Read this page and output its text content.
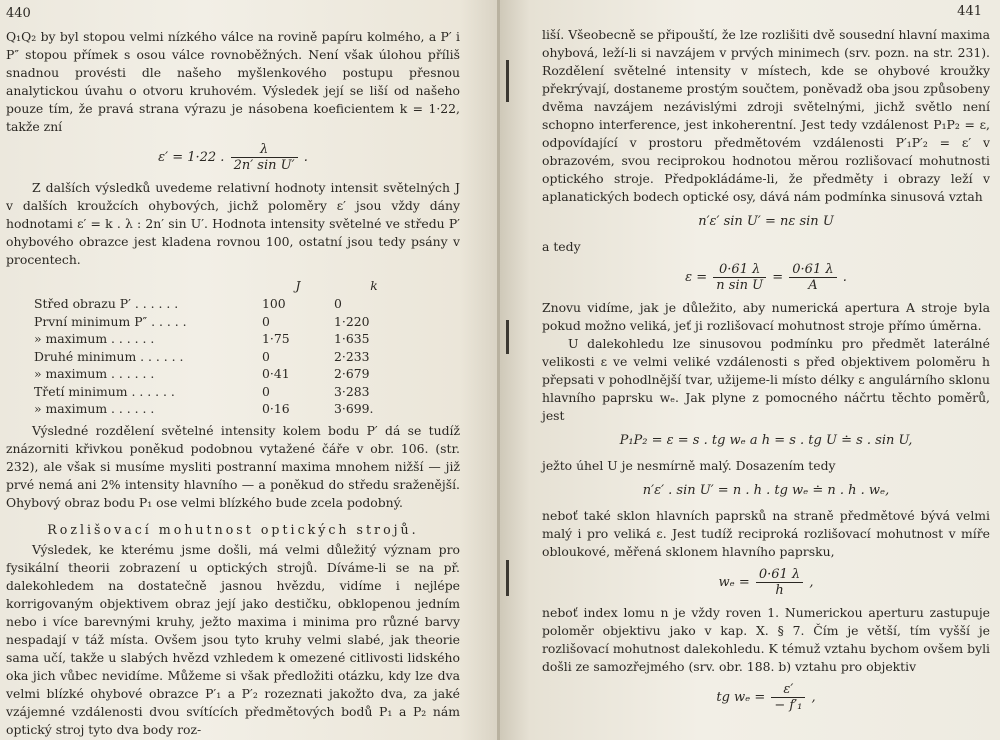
440

Q₁Q₂ by byl stopou velmi nízkého válce na rovině papíru kolmého, a P′ i P″ stopou přímek s osou válce rovnoběžných. Není však úlohou příliš snadnou provésti dle našeho myšlenkového postupu přesnou analytickou úvahu o otvoru kruhovém. Výsledek její se liší od našeho pouze tím, že pravá strana výrazu je násobena koeficientem k = 1·22, takže zní

ε′ = 1·22 . $\frac{\lambda}{\text{2n′ sin U′}}$ .

Z dalších výsledků uvedeme relativní hodnoty intensit světelných J v dalších kroužcích ohybových, jichž poloměry ε′ jsou vždy dány hodnotami ε′ = k . λ : 2n′ sin U′. Hodnota intensity světelné ve středu P′ ohybového obrazce jest kladena rovnou 100, ostatní jsou tedy psány v procentech.

	J	k
Střed obrazu P′ . . . . . .	100	0
První minimum P″ . . . . .	0	1·220
» maximum . . . . . .	1·75	1·635
Druhé minimum . . . . . .	0	2·233
» maximum . . . . . .	0·41	2·679
Třetí minimum . . . . . .	0	3·283
» maximum . . . . . .	0·16	3·699.

Výsledné rozdělení světelné intensity kolem bodu P′ dá se tudíž znázorniti křivkou poněkud podobnou vytažené čáře v obr. 106. (str. 232), ale však si musíme mysliti postranní maxima mnohem nižší — již prvé nemá ani 2% intensity hlavního — a poněkud do středu sraženější. Ohybový obraz bodu P₁ ose velmi blízkého bude zcela podobný.

Rozlišovací mohutnost optických strojů.

Výsledek, ke kterému jsme došli, má velmi důležitý význam pro fysikální theorii zobrazení u optických strojů. Díváme-li se na př. dalekohledem na dostatečně jasnou hvězdu, vidíme i nejlépe korrigovaným objektivem obraz její jako destičku, obklopenou jedním nebo i více barevnými kruhy, ježto maxima i minima pro různé barvy nespadají v táž místa. Ovšem jsou tyto kruhy velmi slabé, jak theorie sama učí, takže u slabých hvězd vzhledem k omezené citlivosti lidského oka jich vůbec nevidíme. Můžeme si však předložiti otázku, kdy lze dva velmi blízké ohybové obrazce P′₁ a P′₂ rozeznati jakožto dva, za jaké vzájemné vzdálenosti dvou svítících předmětových bodů P₁ a P₂ nám optický stroj tyto dva body roz-

441

liší. Všeobecně se připouští, že lze rozlišiti dvě sousední hlavní maxima ohybová, leží-li si navzájem v prvých minimech (srv. pozn. na str. 231). Rozdělení světelné intensity v místech, kde se ohybové kroužky překrývají, dostaneme prostým součtem, poněvadž oba jsou způsobeny dvěma navzájem nezávislými zdroji světelnými, jichž světlo není schopno interference, jest inkoherentní. Jest tedy vzdálenost P₁P₂ = ε, odpovídající v prostoru předmětovém vzdálenosti P′₁P′₂ = ε′ v obrazovém, svou reciprokou hodnotou měrou rozlišovací mohutnosti optického stroje. Předpokládáme-li, že předměty i obrazy leží v aplanatických bodech optické osy, dává nám podmínka sinusová vztah

n′ε′ sin U′ = nε sin U

a tedy

$\varepsilon = \frac{0\cdot 61 \lambda}{\text{n sin U}} = \frac{0\cdot 61 \lambda}{A}$ .

Znovu vidíme, jak je důležito, aby numerická apertura A stroje byla pokud možno veliká, jeť ji rozlišovací mohutnost stroje přímo úměrna.

U dalekohledu lze sinusovou podmínku pro předmět laterálné velikosti ε ve velmi veliké vzdálenosti s před objektivem poloměru h přepsati v pohodlnější tvar, užijeme-li místo délky ε angulárního sklonu hlavního paprsku wₑ. Jak plyne z pomocného náčrtu těchto poměrů, jest

P₁P₂ = ε = s . tg wₑ a h = s . tg U ≐ s . sin U,

ježto úhel U je nesmírně malý. Dosazením tedy

n′ε′ . sin U′ = n . h . tg wₑ ≐ n . h . wₑ,

neboť také sklon hlavních paprsků na straně předmětové bývá velmi malý i pro veliká ε. Jest tudíž reciproká rozlišovací mohutnost v míře obloukové, měřená sklonem hlavního paprsku,

$w_e = \frac{0\cdot 61 \lambda}{h}$ ,

neboť index lomu n je vždy roven 1. Numerickou aperturu zastupuje poloměr objektivu jako v kap. X. § 7. Čím je větší, tím vyšší je rozlišovací mohutnost dalekohledu. K témuž vztahu bychom ovšem byli došli ze samozřejmého (srv. obr. 188. b) vztahu pro objektiv

tg $w_e = \frac{\varepsilon'}{\text{− f′₁}}$ ,
